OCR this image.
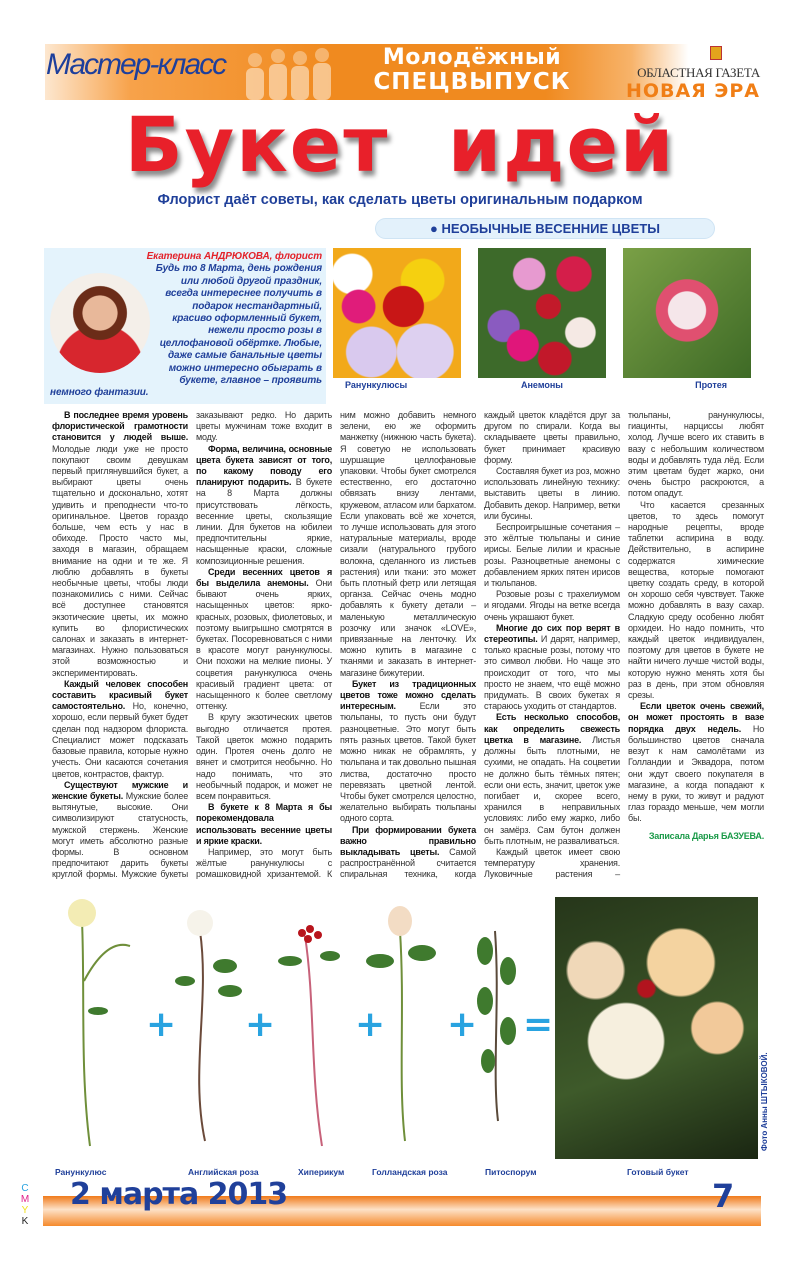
Мастер-класс	Молодёжный
СПЕЦВЫПУСК	ОБЛАСТНАЯ ГАЗЕТА
НОВАЯ ЭРА
Букет идей
Флорист даёт советы, как сделать цветы оригинальным подарком
● НЕОБЫЧНЫЕ ВЕСЕННИЕ ЦВЕТЫ
Екатерина АНДРЮКОВА, флорист
Будь то 8 Марта, день рождения или любой другой праздник, всегда интереснее получить в подарок нестандартный, красиво оформленный букет, нежели просто розы в целлофановой обёртке. Любые, даже самые банальные цветы можно интересно обыграть в букете, главное – проявить
немного фантазии.
Ранункулюсы	Анемоны	Протея

В последнее время уровень флористической грамотности становится у людей выше. Молодые люди уже не просто покупают своим девушкам первый приглянувшийся букет, а выбирают цветы очень тщательно и досконально, хотят удивить и преподнести что-то оригинальное. Цветов гораздо больше, чем есть у нас в обиходе. Просто часто мы, заходя в магазин, обращаем внимание на одни и те же. Я люблю добавлять в букеты необычные цветы, чтобы люди познакомились с ними. Сейчас всё доступнее становятся экзотические цветы, их можно купить во флористических салонах и заказать в интернет-магазинах. Нужно пользоваться этой возможностью и экспериментировать.

Каждый человек способен составить красивый букет самостоятельно. Но, конечно, хорошо, если первый букет будет сделан под надзором флориста. Специалист может подсказать базовые правила, которые нужно учесть. Они касаются сочетания цветов, контрастов, фактур.

Существуют мужские и женские букеты. Мужские более вытянутые, высокие. Они символизируют статусность, мужской стержень. Женские могут иметь абсолютно разные формы. В основном предпочитают дарить букеты круглой формы. Мужские букеты заказывают редко. Но дарить цветы мужчинам тоже входит в моду.

Форма, величина, основные цвета букета зависят от того, по какому поводу его планируют подарить. В букете на 8 Марта должны присутствовать лёгкость, весенние цветы, скользящие линии. Для букетов на юбилеи предпочтительны яркие, насыщенные краски, сложные композиционные решения.

Среди весенних цветов я бы выделила анемоны. Они бывают очень ярких, насыщенных цветов: ярко-красных, розовых, фиолетовых, и поэтому выигрышно смотрятся в букетах. Посоревноваться с ними в красоте могут ранункулюсы. Они похожи на мелкие пионы. У соцветия ранункулюса очень красивый градиент цвета: от насыщенного к более светлому оттенку.

В кругу экзотических цветов выгодно отличается протея. Такой цветок можно подарить один. Протея очень долго не вянет и смотрится необычно. Но надо понимать, что это необычный подарок, и может не всем понравиться.

В букете к 8 Марта я бы порекомендовала использовать весенние цветы и яркие краски.

Например, это могут быть жёлтые ранункулюсы с ромашковидной хризантемой. К ним можно добавить немного зелени, ею же оформить манжетку (нижнюю часть букета). Я советую не использовать шуршащие целлофановые упаковки. Чтобы букет смотрелся естественно, его достаточно обвязать внизу лентами, кружевом, атласом или бархатом. Если упаковать всё же хочется, то лучше использовать для этого натуральные материалы, вроде сизали (натурального грубого волокна, сделанного из листьев растения) или ткани: это может быть плотный фетр или летящая органза. Сейчас очень модно добавлять к букету детали – маленькую металлическую розочку или значок «LOVE», привязанные на ленточку. Их можно купить в магазине с тканями и заказать в интернет-магазине бижутерии.

Букет из традиционных цветов тоже можно сделать интересным. Если это тюльпаны, то пусть они будут разноцветные. Это могут быть пять разных цветов. Такой букет можно никак не обрамлять, у тюльпана и так довольно пышная листва, достаточно просто перевязать цветной лентой. Чтобы букет смотрелся целостно, желательно выбирать тюльпаны одного сорта.

При формировании букета важно правильно выкладывать цветы. Самой распространённой считается спиральная техника, когда каждый цветок кладётся друг за другом по спирали. Когда вы складываете цветы правильно, букет принимает красивую форму.

Составляя букет из роз, можно использовать линейную технику: выставить цветы в линию. Добавить декор. Например, ветки или бусины.

Беспроигрышные сочетания – это жёлтые тюльпаны и синие ирисы. Белые лилии и красные розы. Разноцветные анемоны с добавлением ярких пятен ирисов и тюльпанов.

Розовые розы с трахелиумом и ягодами. Ягоды на ветке всегда очень украшают букет.

Многие до сих пор верят в стереотипы. И дарят, например, только красные розы, потому что это символ любви. Но чаще это происходит от того, что мы просто не знаем, что ещё можно придумать. В своих букетах я стараюсь уходить от стандартов.

Есть несколько способов, как определить свежесть цветка в магазине. Листья должны быть плотными, не сухими, не опадать. На соцветии не должно быть тёмных пятен; если они есть, значит, цветок уже погибает и, скорее всего, хранился в неправильных условиях: либо ему жарко, либо он замёрз. Сам бутон должен быть плотным, не разваливаться.

Каждый цветок имеет свою температуру хранения. Луковичные растения – тюльпаны, ранункулюсы, гиацинты, нарциссы любят холод. Лучше всего их ставить в вазу с небольшим количеством воды и добавлять туда лёд. Если этим цветам будет жарко, они очень быстро раскроются, а потом опадут.

Что касается срезанных цветов, то здесь помогут народные рецепты, вроде таблетки аспирина в воду. Действительно, в аспирине содержатся химические вещества, которые помогают цветку создать среду, в которой он хорошо себя чувствует. Также можно добавлять в вазу сахар. Сладкую среду особенно любят орхидеи. Но надо помнить, что каждый цветок индивидуален, поэтому для цветов в букете не найти ничего лучше чистой воды, которую нужно менять хотя бы раз в день, при этом обновляя срезы.

Если цветок очень свежий, он может простоять в вазе порядка двух недель. Но большинство цветов сначала везут к нам самолётами из Голландии и Эквадора, потом они ждут своего покупателя в магазине, а когда попадают к нему в руки, то живут и радуют глаз гораздо меньше, чем могли бы.

Записала Дарья БАЗУЕВА.
+ + + + =
Фото Анны ШТЫКОВОЙ.
Ранункулюс	Английская роза	Хиперикум	Голландская роза	Питоспорум	Готовый букет
2 марта 2013	7
C
M
Y
K
